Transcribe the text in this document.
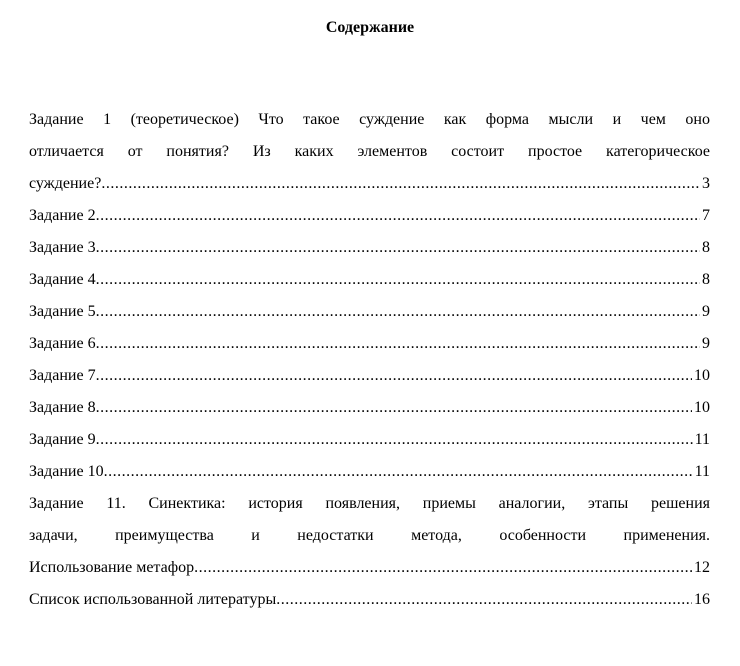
Содержание
Задание 1 (теоретическое) Что такое суждение как форма мысли и чем оно
отличается от понятия? Из каких элементов состоит простое категорическое
суждение? .....	3
Задание 2 .....	7
Задание 3 .....	8
Задание 4 .....	8
Задание 5 .....	9
Задание 6 .....	9
Задание 7 .....	10
Задание 8 .....	10
Задание 9 .....	11
Задание 10 .....	11
Задание 11. Синектика: история появления, приемы аналогии, этапы решения
задачи, преимущества и недостатки метода, особенности применения.
Использование метафор .....	12
Список использованной литературы .....	16
